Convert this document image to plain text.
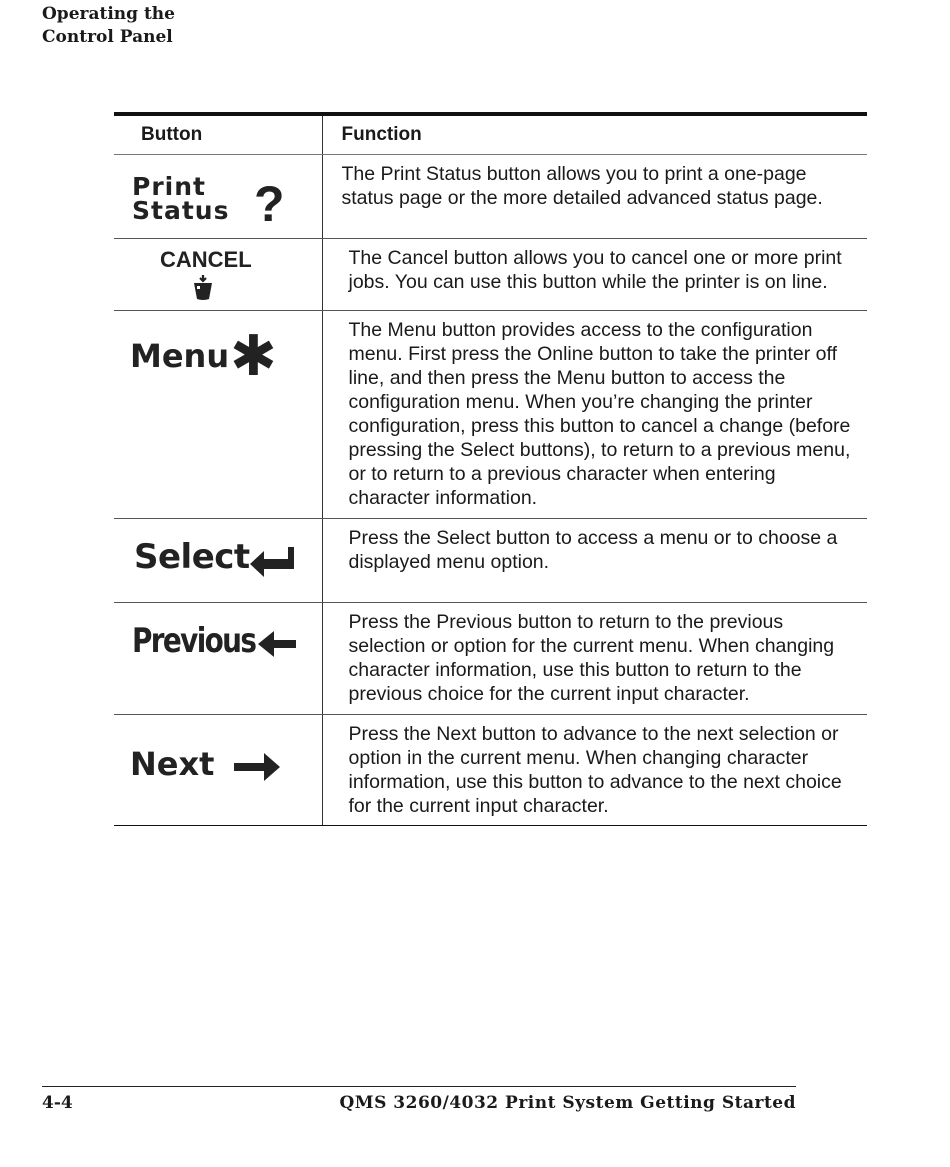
Operating the
Control Panel
Button	Function

Print
Status ?	The Print Status button allows you to print a one-page status page or the more detailed advanced status page.

CANCEL	The Cancel button allows you to cancel one or more print jobs. You can use this button while the printer is on line.

Menu ✱	The Menu button provides access to the configuration menu. First press the Online button to take the printer off line, and then press the Menu button to access the configuration menu. When you’re changing the printer configuration, press this button to cancel a change (before pressing the Select buttons), to return to a previous menu, or to return to a previous character when entering character information.

Select	Press the Select button to access a menu or to choose a displayed menu option.

Previous	Press the Previous button to return to the previous selection or option for the current menu. When changing character information, use this button to return to the previous choice for the current input character.

Next	Press the Next button to advance to the next selection or option in the current menu. When changing character information, use this button to advance to the next choice for the current input character.
4-4	QMS 3260/4032 Print System Getting Started
